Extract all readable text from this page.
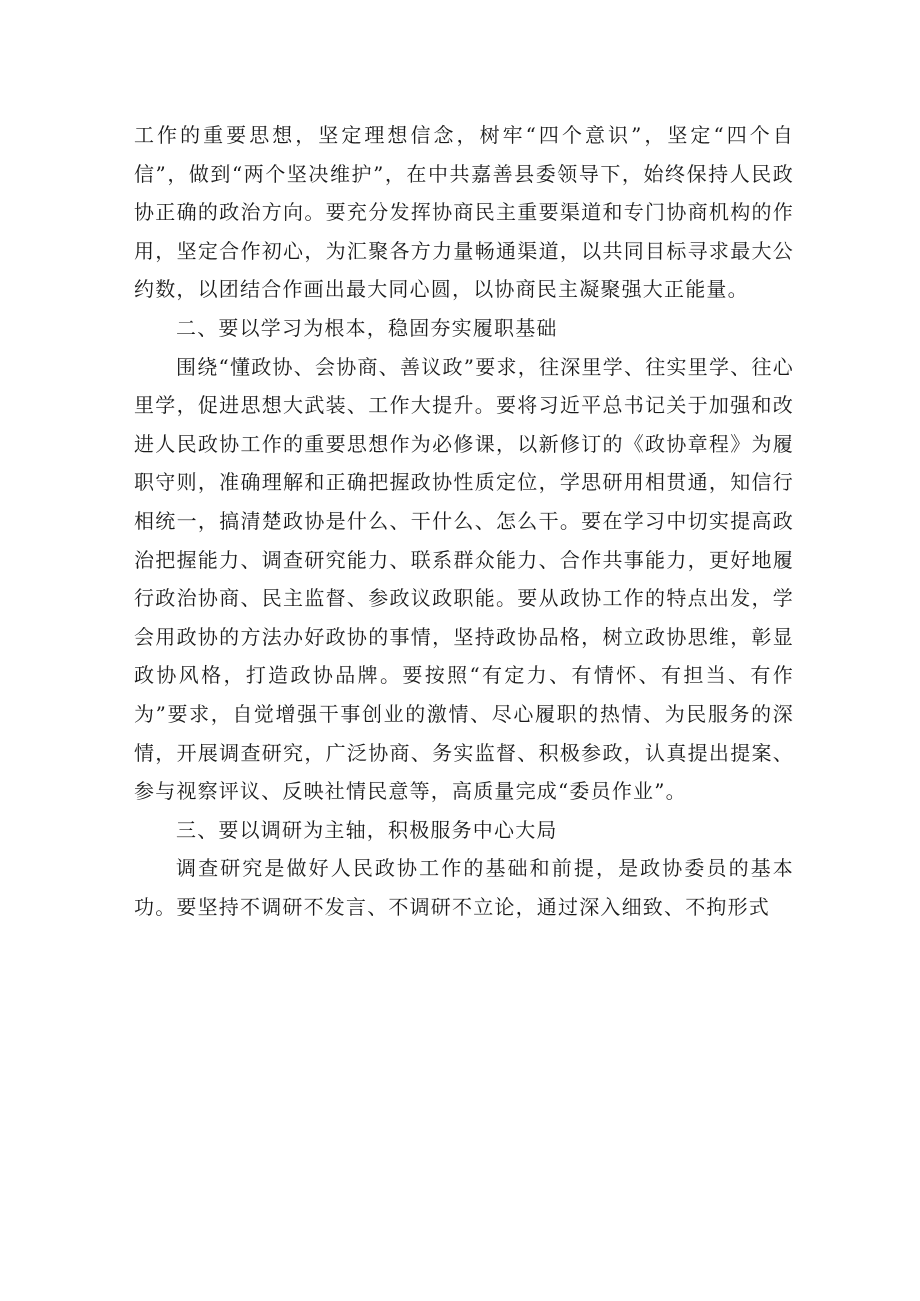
工作的重要思想，坚定理想信念，树牢“四个意识”，坚定“四个自信”，做到“两个坚决维护”，在中共嘉善县委领导下，始终保持人民政协正确的政治方向。要充分发挥协商民主重要渠道和专门协商机构的作用，坚定合作初心，为汇聚各方力量畅通渠道，以共同目标寻求最大公约数，以团结合作画出最大同心圆，以协商民主凝聚强大正能量。

二、要以学习为根本，稳固夯实履职基础

围绕“懂政协、会协商、善议政”要求，往深里学、往实里学、往心里学，促进思想大武装、工作大提升。要将习近平总书记关于加强和改进人民政协工作的重要思想作为必修课，以新修订的《政协章程》为履职守则，准确理解和正确把握政协性质定位，学思研用相贯通，知信行相统一，搞清楚政协是什么、干什么、怎么干。要在学习中切实提高政治把握能力、调查研究能力、联系群众能力、合作共事能力，更好地履行政治协商、民主监督、参政议政职能。要从政协工作的特点出发，学会用政协的方法办好政协的事情，坚持政协品格，树立政协思维，彰显政协风格，打造政协品牌。要按照“有定力、有情怀、有担当、有作为”要求，自觉增强干事创业的激情、尽心履职的热情、为民服务的深情，开展调查研究，广泛协商、务实监督、积极参政，认真提出提案、参与视察评议、反映社情民意等，高质量完成“委员作业”。

三、要以调研为主轴，积极服务中心大局

调查研究是做好人民政协工作的基础和前提，是政协委员的基本功。要坚持不调研不发言、不调研不立论，通过深入细致、不拘形式
